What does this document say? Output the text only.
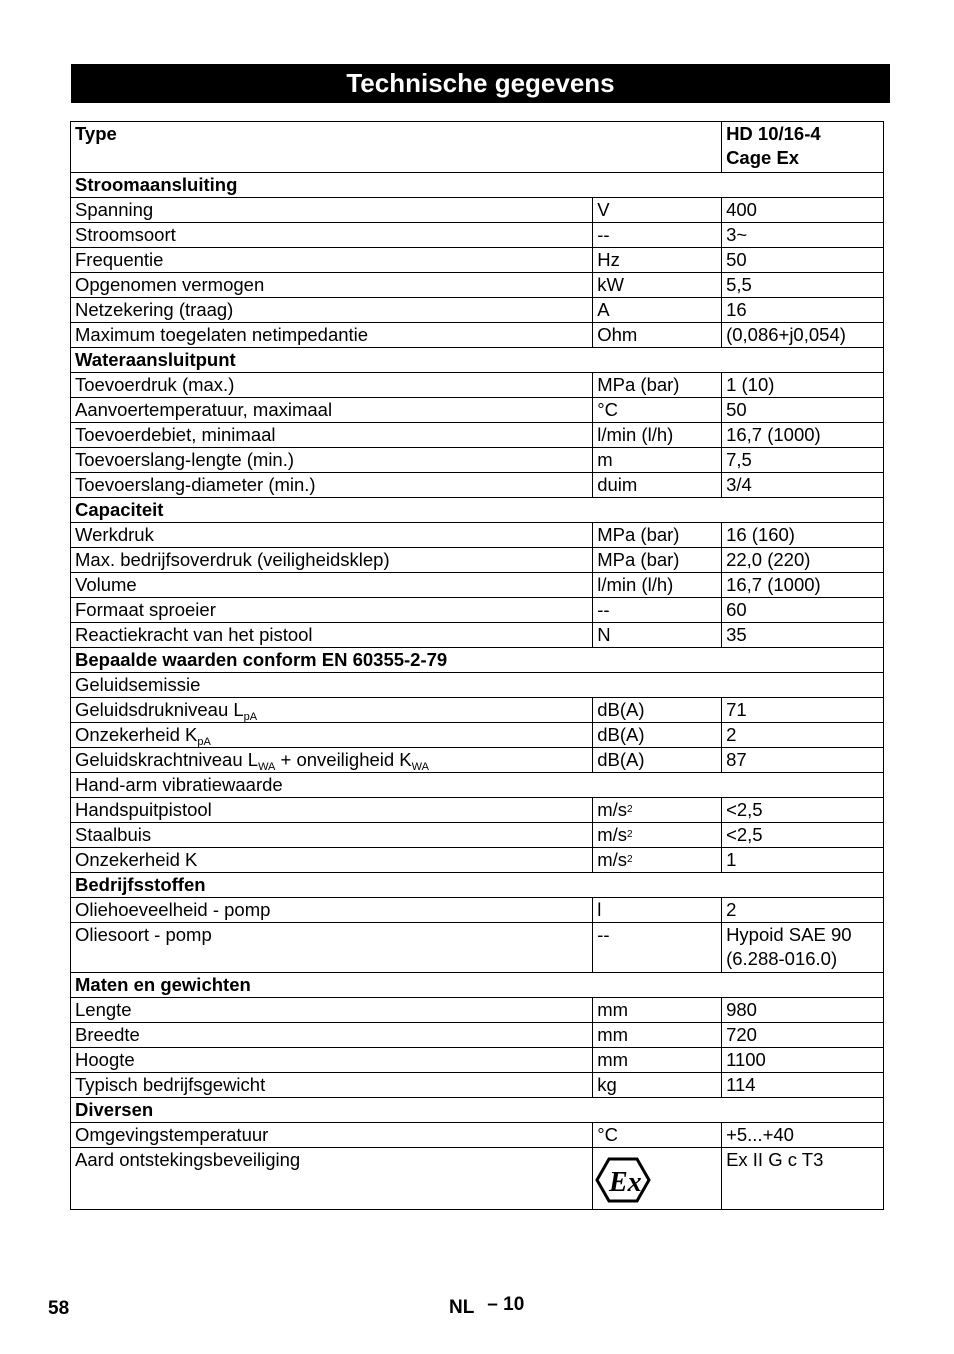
Technische gegevens
Type		HD 10/16-4
Cage Ex
Stroomaansluiting		
Spanning	V	400
Stroomsoort	--	3~
Frequentie	Hz	50
Opgenomen vermogen	kW	5,5
Netzekering (traag)	A	16
Maximum toegelaten netimpedantie	Ohm	(0,086+j0,054)
Wateraansluitpunt		
Toevoerdruk (max.)	MPa (bar)	1 (10)
Aanvoertemperatuur, maximaal	°C	50
Toevoerdebiet, minimaal	l/min (l/h)	16,7 (1000)
Toevoerslang-lengte (min.)	m	7,5
Toevoerslang-diameter (min.)	duim	3/4
Capaciteit		
Werkdruk	MPa (bar)	16 (160)
Max. bedrijfsoverdruk (veiligheidsklep)	MPa (bar)	22,0 (220)
Volume	l/min (l/h)	16,7 (1000)
Formaat sproeier	--	60
Reactiekracht van het pistool	N	35
Bepaalde waarden conform EN 60355-2-79		
Geluidsemissie		
Geluidsdrukniveau $L_{pA}$	dB(A)	71
Onzekerheid $K_{pA}$	dB(A)	2
Geluidskrachtniveau $L_{WA}$ + onveiligheid $K_{WA}$	dB(A)	87
Hand-arm vibratiewaarde		
Handspuitpistool	$m/s^2$	<2,5
Staalbuis	$m/s^2$	<2,5
Onzekerheid K	$m/s^2$	1
Bedrijfsstoffen		
Oliehoeveelheid - pomp	l	2
Oliesoort - pomp	--	Hypoid SAE 90
(6.288-016.0)
Maten en gewichten		
Lengte	mm	980
Breedte	mm	720
Hoogte	mm	1100
Typisch bedrijfsgewicht	kg	114
Diversen		
Omgevingstemperatuur	°C	+5...+40
Aard ontstekingsbeveiliging	Ex	Ex II G c T3
58	NL – 10
